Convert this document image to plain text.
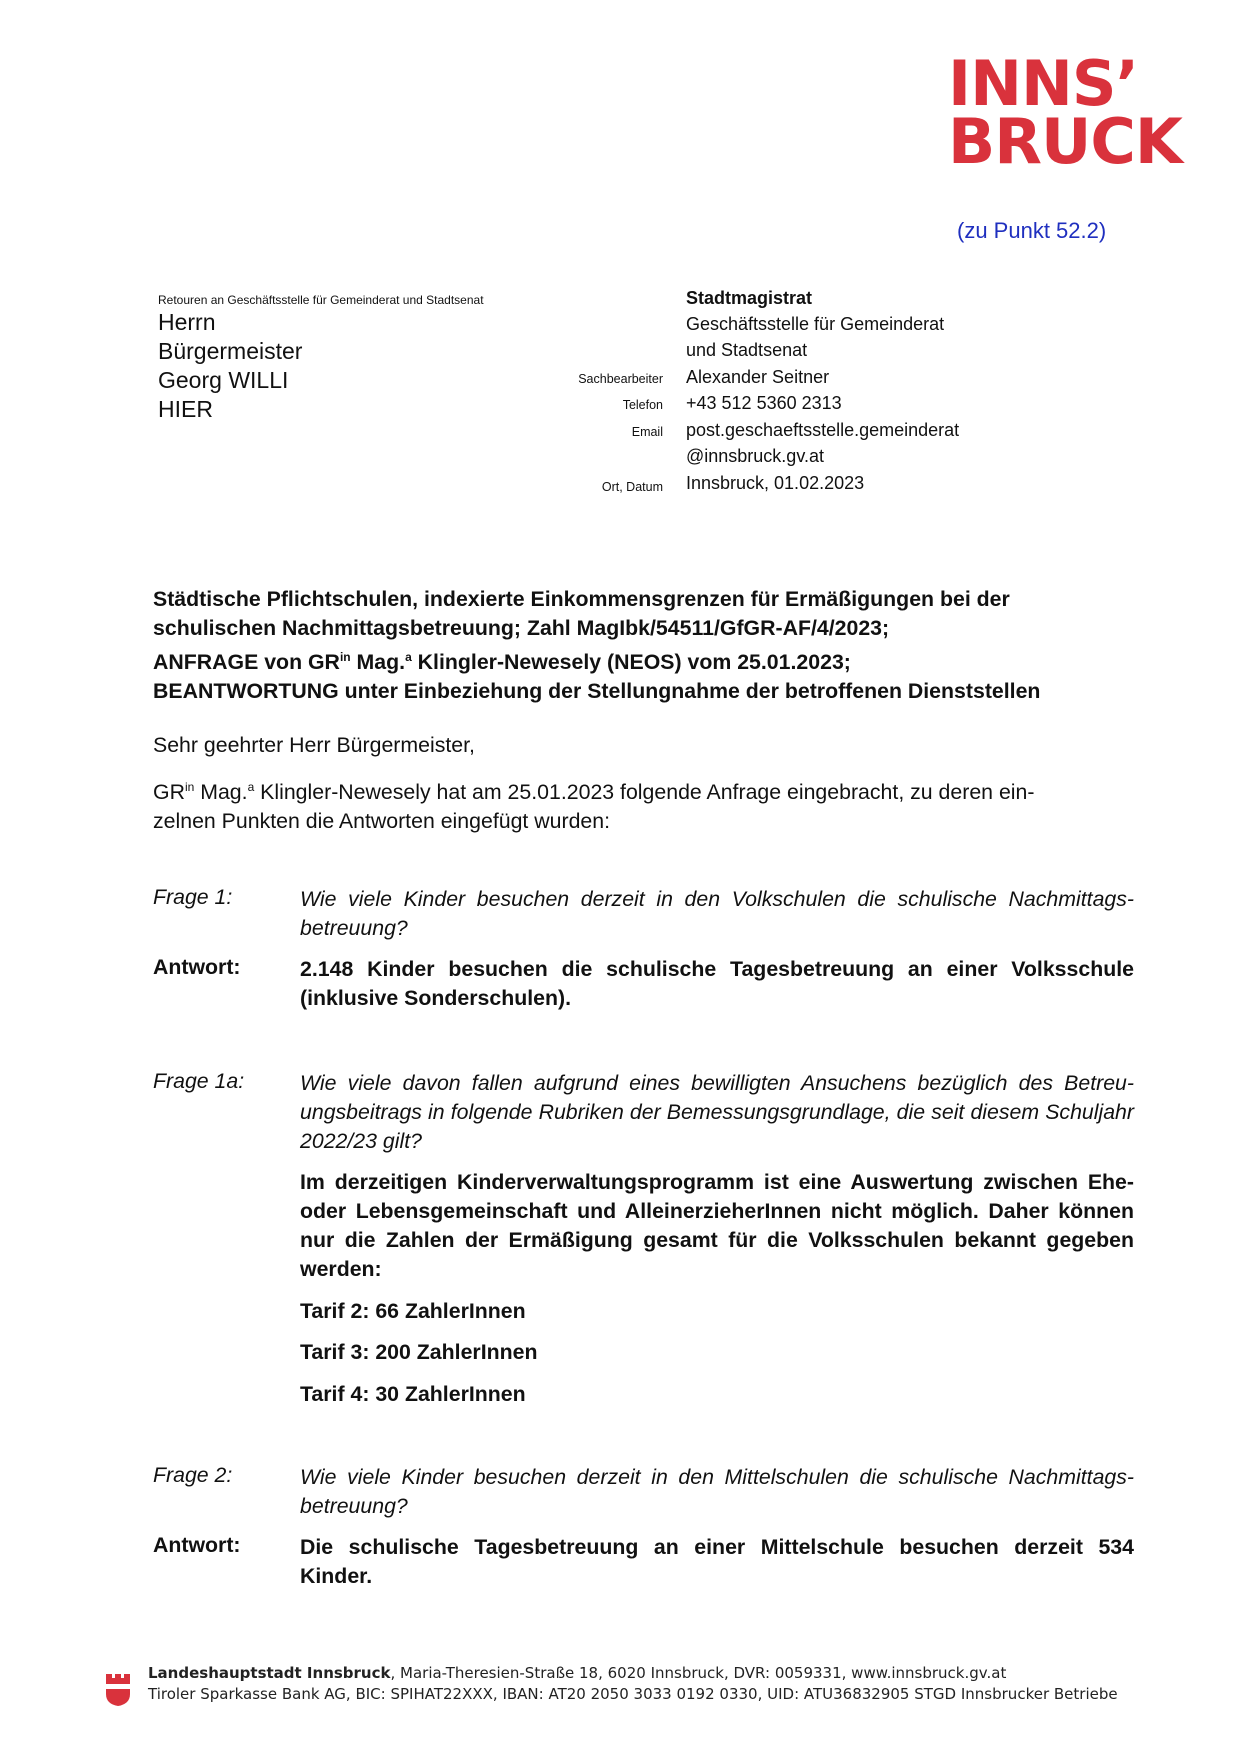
INNS’
BRUCK
(zu Punkt 52.2)
Retouren an Geschäftsstelle für Gemeinderat und Stadtsenat
Herrn
Bürgermeister
Georg WILLI
HIER
Stadtmagistrat
Geschäftsstelle für Gemeinderat
und Stadtsenat
Sachbearbeiter Alexander Seitner
Telefon +43 512 5360 2313
Email post.geschaeftsstelle.gemeinderat
@innsbruck.gv.at
Ort, Datum Innsbruck, 01.02.2023
Städtische Pflichtschulen, indexierte Einkommensgrenzen für Ermäßigungen bei der
schulischen Nachmittagsbetreuung; Zahl MagIbk/54511/GfGR-AF/4/2023;
ANFRAGE von $GR^{in}$ Mag.$^a$ Klingler-Newesely (NEOS) vom 25.01.2023;
BEANTWORTUNG unter Einbeziehung der Stellungnahme der betroffenen Dienststellen
Sehr geehrter Herr Bürgermeister,
$GR^{in}$ Mag.$^a$ Klingler-Newesely hat am 25.01.2023 folgende Anfrage eingebracht, zu deren ein-
zelnen Punkten die Antworten eingefügt wurden:
Frage 1:	Wie viele Kinder besuchen derzeit in den Volkschulen die schulische Nachmittags-betreuung?
Antwort:	2.148 Kinder besuchen die schulische Tagesbetreuung an einer Volksschule (inklusive Sonderschulen).
Frage 1a:	Wie viele davon fallen aufgrund eines bewilligten Ansuchens bezüglich des Betreu-ungsbeitrags in folgende Rubriken der Bemessungsgrundlage, die seit diesem Schuljahr 2022/23 gilt?
Im derzeitigen Kinderverwaltungsprogramm ist eine Auswertung zwischen Ehe- oder Lebensgemeinschaft und AlleinerzieherInnen nicht möglich. Daher können nur die Zahlen der Ermäßigung gesamt für die Volksschulen bekannt gegeben werden:
Tarif 2: 66 ZahlerInnen
Tarif 3: 200 ZahlerInnen
Tarif 4: 30 ZahlerInnen
Frage 2:	Wie viele Kinder besuchen derzeit in den Mittelschulen die schulische Nachmittags-betreuung?
Antwort:	Die schulische Tagesbetreuung an einer Mittelschule besuchen derzeit 534 Kinder.
Landeshauptstadt Innsbruck, Maria-Theresien-Straße 18, 6020 Innsbruck, DVR: 0059331, www.innsbruck.gv.at
Tiroler Sparkasse Bank AG, BIC: SPIHAT22XXX, IBAN: AT20 2050 3033 0192 0330, UID: ATU36832905 STGD Innsbrucker Betriebe
